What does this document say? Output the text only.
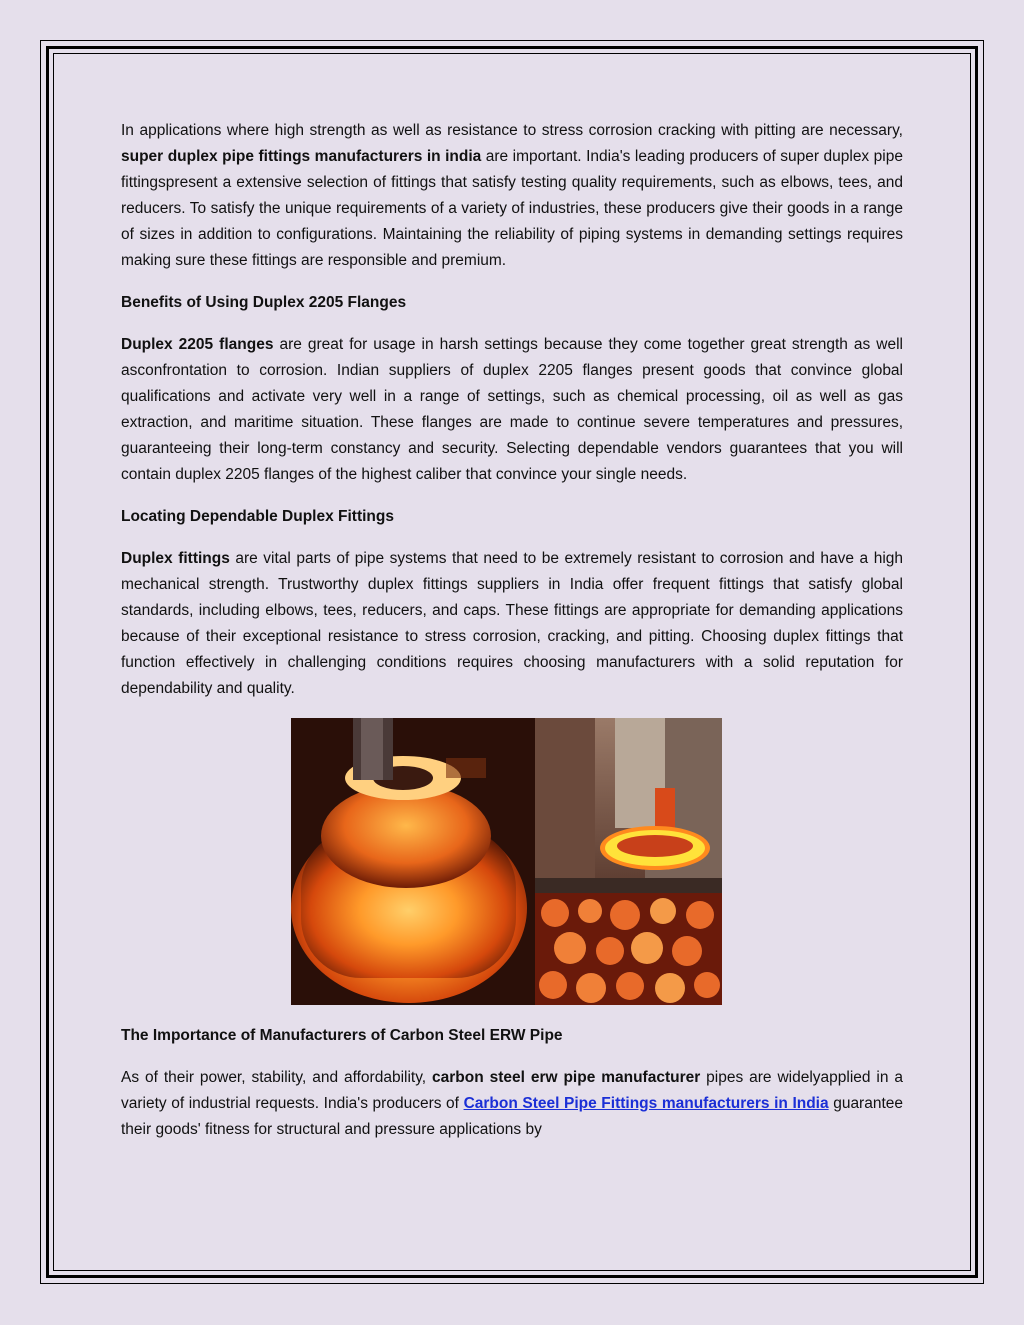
In applications where high strength as well as resistance to stress corrosion cracking with pitting are necessary, super duplex pipe fittings manufacturers in india are important. India's leading producers of super duplex pipe fittingspresent a extensive selection of fittings that satisfy testing quality requirements, such as elbows, tees, and reducers. To satisfy the unique requirements of a variety of industries, these producers give their goods in a range of sizes in addition to configurations. Maintaining the reliability of piping systems in demanding settings requires making sure these fittings are responsible and premium.

Benefits of Using Duplex 2205 Flanges

Duplex 2205 flanges are great for usage in harsh settings because they come together great strength as well asconfrontation to corrosion. Indian suppliers of duplex 2205 flanges present goods that convince global qualifications and activate very well in a range of settings, such as chemical processing, oil as well as gas extraction, and maritime situation. These flanges are made to continue severe temperatures and pressures, guaranteeing their long-term constancy and security. Selecting dependable vendors guarantees that you will contain duplex 2205 flanges of the highest caliber that convince your single needs.

Locating Dependable Duplex Fittings

Duplex fittings are vital parts of pipe systems that need to be extremely resistant to corrosion and have a high mechanical strength. Trustworthy duplex fittings suppliers in India offer frequent fittings that satisfy global standards, including elbows, tees, reducers, and caps. These fittings are appropriate for demanding applications because of their exceptional resistance to stress corrosion, cracking, and pitting. Choosing duplex fittings that function effectively in challenging conditions requires choosing manufacturers with a solid reputation for dependability and quality.

The Importance of Manufacturers of Carbon Steel ERW Pipe

As of their power, stability, and affordability, carbon steel erw pipe manufacturer pipes are widelyapplied in a variety of industrial requests. India's producers of Carbon Steel Pipe Fittings manufacturers in India guarantee their goods' fitness for structural and pressure applications by
